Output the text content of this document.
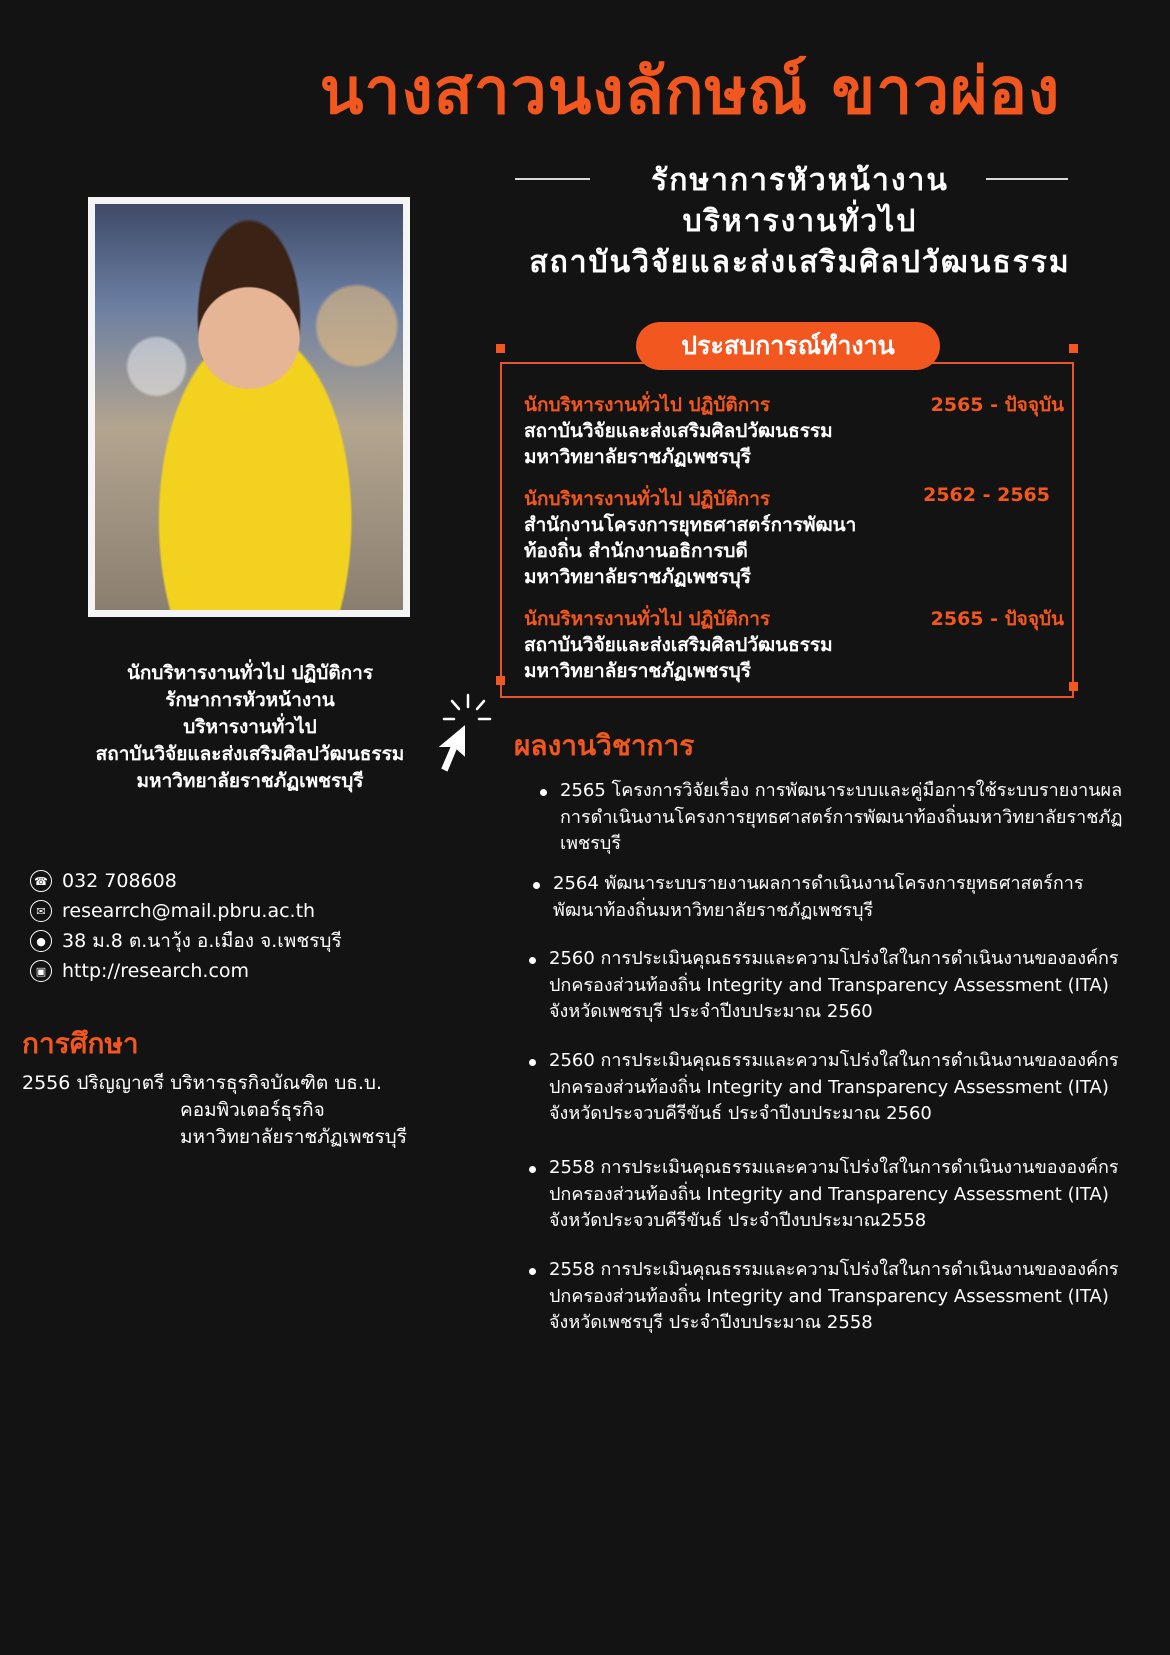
นางสาวนงลักษณ์ ขาวผ่อง
รักษาการหัวหน้างาน
บริหารงานทั่วไป
สถาบันวิจัยและส่งเสริมศิลปวัฒนธรรม
นักบริหารงานทั่วไป ปฏิบัติการ
รักษาการหัวหน้างาน
บริหารงานทั่วไป
สถาบันวิจัยและส่งเสริมศิลปวัฒนธรรม
มหาวิทยาลัยราชภัฏเพชรบุรี
☎ 032 708608
✉ researrch@mail.pbru.ac.th
● 38 ม.8 ต.นาวุ้ง อ.เมือง จ.เพชรบุรี
▣ http://research.com
การศึกษา
2556 ปริญญาตรี บริหารธุรกิจบัณฑิต บธ.บ.
คอมพิวเตอร์ธุรกิจ
มหาวิทยาลัยราชภัฏเพชรบุรี
ประสบการณ์ทำงาน
นักบริหารงานทั่วไป ปฏิบัติการ	2565 - ปัจจุบัน
สถาบันวิจัยและส่งเสริมศิลปวัฒนธรรม
มหาวิทยาลัยราชภัฏเพชรบุรี
นักบริหารงานทั่วไป ปฏิบัติการ	2562 - 2565
สำนักงานโครงการยุทธศาสตร์การพัฒนา
ท้องถิ่น สำนักงานอธิการบดี
มหาวิทยาลัยราชภัฏเพชรบุรี
นักบริหารงานทั่วไป ปฏิบัติการ	2565 - ปัจจุบัน
สถาบันวิจัยและส่งเสริมศิลปวัฒนธรรม
มหาวิทยาลัยราชภัฏเพชรบุรี
ผลงานวิชาการ
2565 โครงการวิจัยเรื่อง การพัฒนาระบบและคู่มือการใช้ระบบรายงานผล
การดำเนินงานโครงการยุทธศาสตร์การพัฒนาท้องถิ่นมหาวิทยาลัยราชภัฏ
เพชรบุรี
2564 พัฒนาระบบรายงานผลการดำเนินงานโครงการยุทธศาสตร์การ
พัฒนาท้องถิ่นมหาวิทยาลัยราชภัฏเพชรบุรี
2560 การประเมินคุณธรรมและความโปร่งใสในการดำเนินงานขององค์กร
ปกครองส่วนท้องถิ่น Integrity and Transparency Assessment (ITA)
จังหวัดเพชรบุรี ประจำปีงบประมาณ 2560
2560 การประเมินคุณธรรมและความโปร่งใสในการดำเนินงานขององค์กร
ปกครองส่วนท้องถิ่น Integrity and Transparency Assessment (ITA)
จังหวัดประจวบคีรีขันธ์ ประจำปีงบประมาณ 2560
2558 การประเมินคุณธรรมและความโปร่งใสในการดำเนินงานขององค์กร
ปกครองส่วนท้องถิ่น Integrity and Transparency Assessment (ITA)
จังหวัดประจวบคีรีขันธ์ ประจำปีงบประมาณ2558
2558 การประเมินคุณธรรมและความโปร่งใสในการดำเนินงานขององค์กร
ปกครองส่วนท้องถิ่น Integrity and Transparency Assessment (ITA)
จังหวัดเพชรบุรี ประจำปีงบประมาณ 2558
